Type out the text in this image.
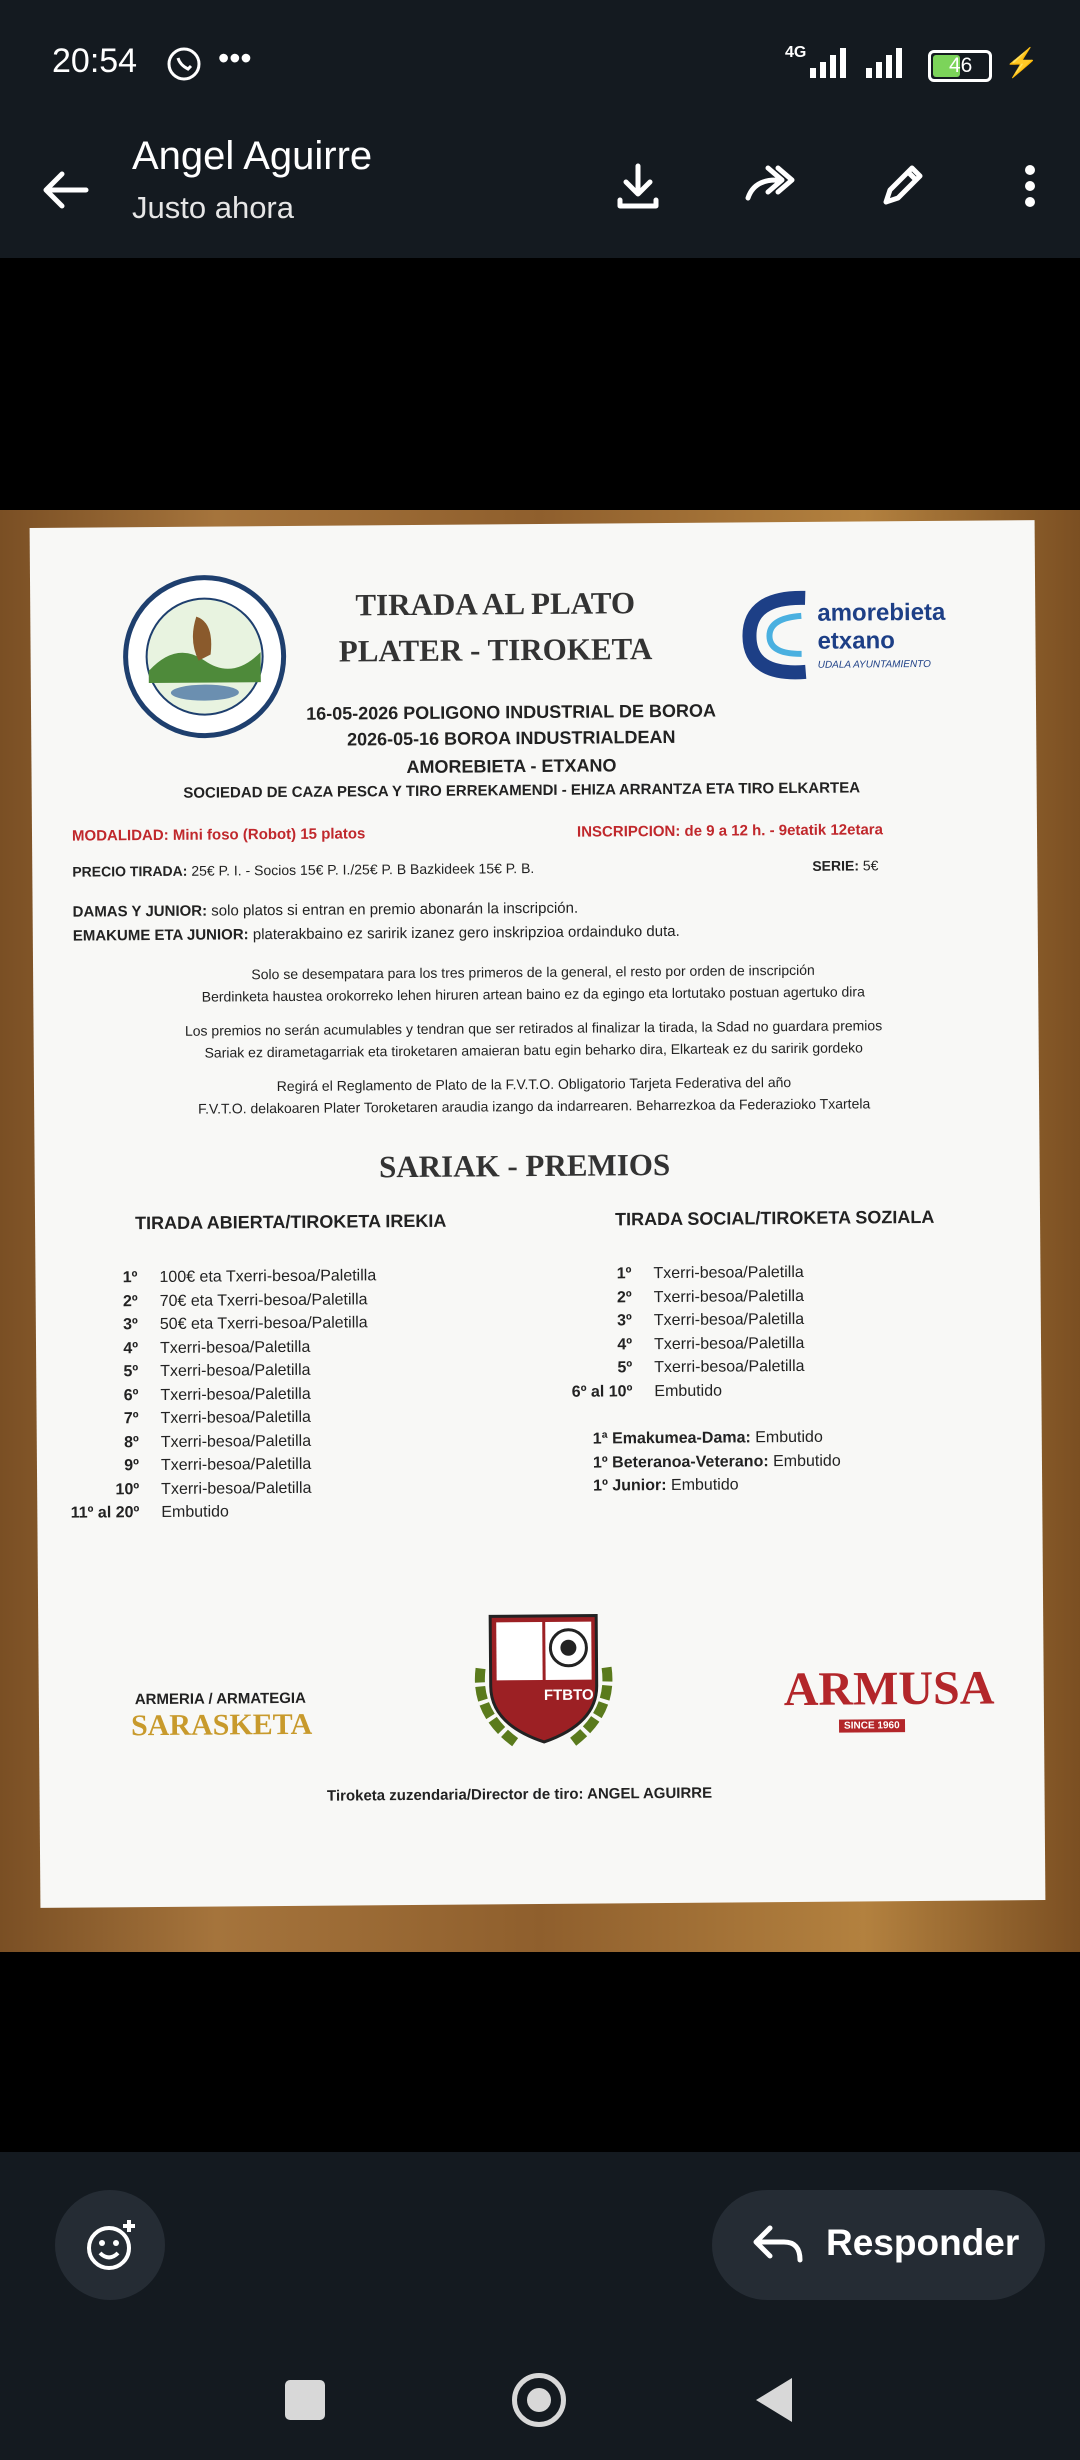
20:54	•••	4G
46 ⚡
Angel Aguirre
Justo ahora
TIRADA AL PLATO
PLATER - TIROKETA
amorebieta
etxano
UDALA AYUNTAMIENTO
16-05-2026 POLIGONO INDUSTRIAL DE BOROA
2026-05-16 BOROA INDUSTRIALDEAN
AMOREBIETA - ETXANO
SOCIEDAD DE CAZA PESCA Y TIRO ERREKAMENDI - EHIZA ARRANTZA ETA TIRO ELKARTEA
MODALIDAD: Mini foso (Robot) 15 platos	INSCRIPCION: de 9 a 12 h. - 9etatik 12etara
PRECIO TIRADA: 25€ P. I. - Socios 15€ P. I./25€ P. B Bazkideek 15€ P. B.	SERIE: 5€
DAMAS Y JUNIOR: solo platos si entran en premio abonarán la inscripción.
EMAKUME ETA JUNIOR: platerakbaino ez saririk izanez gero inskripzioa ordainduko duta.
Solo se desempatara para los tres primeros de la general, el resto por orden de inscripción
Berdinketa haustea orokorreko lehen hiruren artean baino ez da egingo eta lortutako postuan agertuko dira
Los premios no serán acumulables y tendran que ser retirados al finalizar la tirada, la Sdad no guardara premios
Sariak ez dirametagarriak eta tiroketaren amaieran batu egin beharko dira, Elkarteak ez du saririk gordeko
Regirá el Reglamento de Plato de la F.V.T.O. Obligatorio Tarjeta Federativa del año
F.V.T.O. delakoaren Plater Toroketaren araudia izango da indarrearen. Beharrezkoa da Federazioko Txartela
SARIAK - PREMIOS
TIRADA ABIERTA/TIROKETA IREKIA	TIRADA SOCIAL/TIROKETA SOZIALA
ARMERIA / ARMATEGIA
SARASKETA
FTBTO	ARMUSA
SINCE 1960
Tiroketa zuzendaria/Director de tiro: ANGEL AGUIRRE
1º 100€ eta Txerri-besoa/Paletilla
2º 70€ eta Txerri-besoa/Paletilla
3º 50€ eta Txerri-besoa/Paletilla
4º Txerri-besoa/Paletilla
5º Txerri-besoa/Paletilla
6º Txerri-besoa/Paletilla
7º Txerri-besoa/Paletilla
8º Txerri-besoa/Paletilla
9º Txerri-besoa/Paletilla
10º Txerri-besoa/Paletilla
11º al 20º Embutido
1º Txerri-besoa/Paletilla
2º Txerri-besoa/Paletilla
3º Txerri-besoa/Paletilla
4º Txerri-besoa/Paletilla
5º Txerri-besoa/Paletilla
6º al 10º Embutido
1ª Emakumea-Dama: Embutido
1º Beteranoa-Veterano: Embutido
1º Junior: Embutido
Responder
